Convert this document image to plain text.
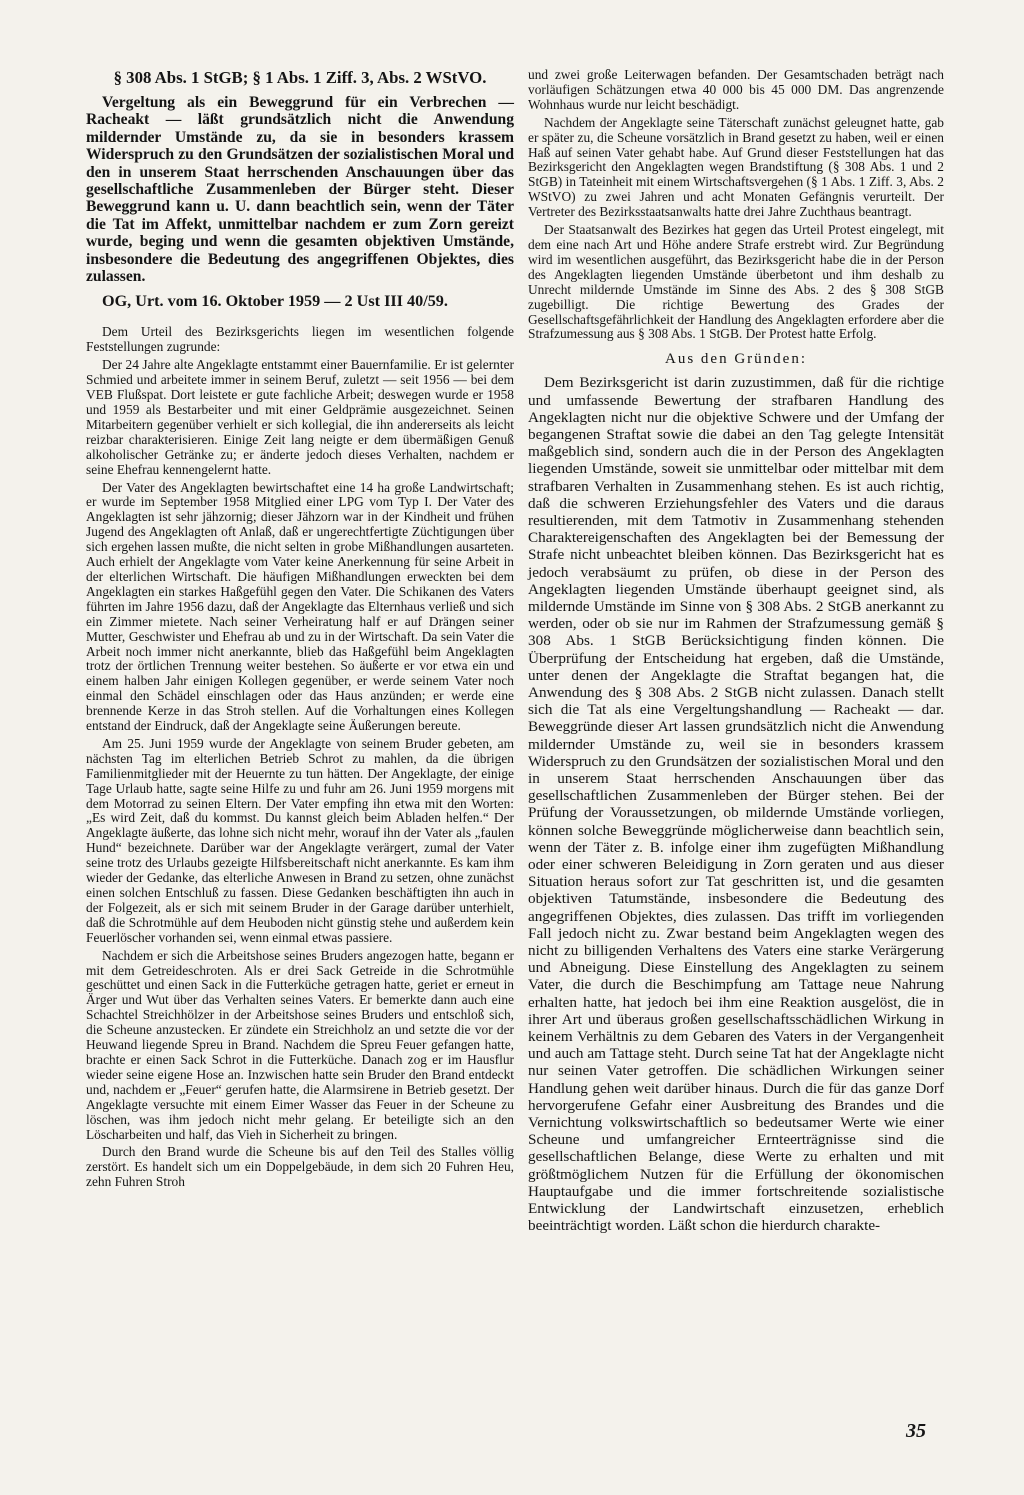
§ 308 Abs. 1 StGB; § 1 Abs. 1 Ziff. 3, Abs. 2 WStVO.

Vergeltung als ein Beweggrund für ein Verbrechen — Racheakt — läßt grundsätzlich nicht die Anwendung mildernder Umstände zu, da sie in besonders krassem Widerspruch zu den Grundsätzen der sozialistischen Moral und den in unserem Staat herrschenden Anschauungen über das gesellschaftliche Zusammenleben der Bürger steht. Dieser Beweggrund kann u. U. dann beachtlich sein, wenn der Täter die Tat im Affekt, unmittelbar nachdem er zum Zorn gereizt wurde, beging und wenn die gesamten objektiven Umstände, insbesondere die Bedeutung des angegriffenen Objektes, dies zulassen.

OG, Urt. vom 16. Oktober 1959 — 2 Ust III 40/59.

Dem Urteil des Bezirksgerichts liegen im wesentlichen folgende Feststellungen zugrunde:

Der 24 Jahre alte Angeklagte entstammt einer Bauernfamilie. Er ist gelernter Schmied und arbeitete immer in seinem Beruf, zuletzt — seit 1956 — bei dem VEB Flußspat. Dort leistete er gute fachliche Arbeit; deswegen wurde er 1958 und 1959 als Bestarbeiter und mit einer Geldprämie ausgezeichnet. Seinen Mitarbeitern gegenüber verhielt er sich kollegial, die ihn andererseits als leicht reizbar charakterisieren. Einige Zeit lang neigte er dem übermäßigen Genuß alkoholischer Getränke zu; er änderte jedoch dieses Verhalten, nachdem er seine Ehefrau kennengelernt hatte.

Der Vater des Angeklagten bewirtschaftet eine 14 ha große Landwirtschaft; er wurde im September 1958 Mitglied einer LPG vom Typ I. Der Vater des Angeklagten ist sehr jähzornig; dieser Jähzorn war in der Kindheit und frühen Jugend des Angeklagten oft Anlaß, daß er ungerechtfertigte Züchtigungen über sich ergehen lassen mußte, die nicht selten in grobe Mißhandlungen ausarteten. Auch erhielt der Angeklagte vom Vater keine Anerkennung für seine Arbeit in der elterlichen Wirtschaft. Die häufigen Mißhandlungen erweckten bei dem Angeklagten ein starkes Haßgefühl gegen den Vater. Die Schikanen des Vaters führten im Jahre 1956 dazu, daß der Angeklagte das Elternhaus verließ und sich ein Zimmer mietete. Nach seiner Verheiratung half er auf Drängen seiner Mutter, Geschwister und Ehefrau ab und zu in der Wirtschaft. Da sein Vater die Arbeit noch immer nicht anerkannte, blieb das Haßgefühl beim Angeklagten trotz der örtlichen Trennung weiter bestehen. So äußerte er vor etwa ein und einem halben Jahr einigen Kollegen gegenüber, er werde seinem Vater noch einmal den Schädel einschlagen oder das Haus anzünden; er werde eine brennende Kerze in das Stroh stellen. Auf die Vorhaltungen eines Kollegen entstand der Eindruck, daß der Angeklagte seine Äußerungen bereute.

Am 25. Juni 1959 wurde der Angeklagte von seinem Bruder gebeten, am nächsten Tag im elterlichen Betrieb Schrot zu mahlen, da die übrigen Familienmitglieder mit der Heuernte zu tun hätten. Der Angeklagte, der einige Tage Urlaub hatte, sagte seine Hilfe zu und fuhr am 26. Juni 1959 morgens mit dem Motorrad zu seinen Eltern. Der Vater empfing ihn etwa mit den Worten: „Es wird Zeit, daß du kommst. Du kannst gleich beim Abladen helfen.“ Der Angeklagte äußerte, das lohne sich nicht mehr, worauf ihn der Vater als „faulen Hund“ bezeichnete. Darüber war der Angeklagte verärgert, zumal der Vater seine trotz des Urlaubs gezeigte Hilfsbereitschaft nicht anerkannte. Es kam ihm wieder der Gedanke, das elterliche Anwesen in Brand zu setzen, ohne zunächst einen solchen Entschluß zu fassen. Diese Gedanken beschäftigten ihn auch in der Folgezeit, als er sich mit seinem Bruder in der Garage darüber unterhielt, daß die Schrotmühle auf dem Heuboden nicht günstig stehe und außerdem kein Feuerlöscher vorhanden sei, wenn einmal etwas passiere.

Nachdem er sich die Arbeitshose seines Bruders angezogen hatte, begann er mit dem Getreideschroten. Als er drei Sack Getreide in die Schrotmühle geschüttet und einen Sack in die Futterküche getragen hatte, geriet er erneut in Ärger und Wut über das Verhalten seines Vaters. Er bemerkte dann auch eine Schachtel Streichhölzer in der Arbeitshose seines Bruders und entschloß sich, die Scheune anzustecken. Er zündete ein Streichholz an und setzte die vor der Heuwand liegende Spreu in Brand. Nachdem die Spreu Feuer gefangen hatte, brachte er einen Sack Schrot in die Futterküche. Danach zog er im Hausflur wieder seine eigene Hose an. Inzwischen hatte sein Bruder den Brand entdeckt und, nachdem er „Feuer“ gerufen hatte, die Alarmsirene in Betrieb gesetzt. Der Angeklagte versuchte mit einem Eimer Wasser das Feuer in der Scheune zu löschen, was ihm jedoch nicht mehr gelang. Er beteiligte sich an den Löscharbeiten und half, das Vieh in Sicherheit zu bringen.

Durch den Brand wurde die Scheune bis auf den Teil des Stalles völlig zerstört. Es handelt sich um ein Doppelgebäude, in dem sich 20 Fuhren Heu, zehn Fuhren Stroh

und zwei große Leiterwagen befanden. Der Gesamtschaden beträgt nach vorläufigen Schätzungen etwa 40 000 bis 45 000 DM. Das angrenzende Wohnhaus wurde nur leicht beschädigt.

Nachdem der Angeklagte seine Täterschaft zunächst geleugnet hatte, gab er später zu, die Scheune vorsätzlich in Brand gesetzt zu haben, weil er einen Haß auf seinen Vater gehabt habe. Auf Grund dieser Feststellungen hat das Bezirksgericht den Angeklagten wegen Brandstiftung (§ 308 Abs. 1 und 2 StGB) in Tateinheit mit einem Wirtschaftsvergehen (§ 1 Abs. 1 Ziff. 3, Abs. 2 WStVO) zu zwei Jahren und acht Monaten Gefängnis verurteilt. Der Vertreter des Bezirksstaatsanwalts hatte drei Jahre Zuchthaus beantragt.

Der Staatsanwalt des Bezirkes hat gegen das Urteil Protest eingelegt, mit dem eine nach Art und Höhe andere Strafe erstrebt wird. Zur Begründung wird im wesentlichen ausgeführt, das Bezirksgericht habe die in der Person des Angeklagten liegenden Umstände überbetont und ihm deshalb zu Unrecht mildernde Umstände im Sinne des Abs. 2 des § 308 StGB zugebilligt. Die richtige Bewertung des Grades der Gesellschaftsgefährlichkeit der Handlung des Angeklagten erfordere aber die Strafzumessung aus § 308 Abs. 1 StGB. Der Protest hatte Erfolg.

Aus den Gründen:

Dem Bezirksgericht ist darin zuzustimmen, daß für die richtige und umfassende Bewertung der strafbaren Handlung des Angeklagten nicht nur die objektive Schwere und der Umfang der begangenen Straftat sowie die dabei an den Tag gelegte Intensität maßgeblich sind, sondern auch die in der Person des Angeklagten liegenden Umstände, soweit sie unmittelbar oder mittelbar mit dem strafbaren Verhalten in Zusammenhang stehen. Es ist auch richtig, daß die schweren Erziehungsfehler des Vaters und die daraus resultierenden, mit dem Tatmotiv in Zusammenhang stehenden Charaktereigenschaften des Angeklagten bei der Bemessung der Strafe nicht unbeachtet bleiben können. Das Bezirksgericht hat es jedoch verabsäumt zu prüfen, ob diese in der Person des Angeklagten liegenden Umstände überhaupt geeignet sind, als mildernde Umstände im Sinne von § 308 Abs. 2 StGB anerkannt zu werden, oder ob sie nur im Rahmen der Strafzumessung gemäß § 308 Abs. 1 StGB Berücksichtigung finden können. Die Überprüfung der Entscheidung hat ergeben, daß die Umstände, unter denen der Angeklagte die Straftat begangen hat, die Anwendung des § 308 Abs. 2 StGB nicht zulassen. Danach stellt sich die Tat als eine Vergeltungshandlung — Racheakt — dar. Beweggründe dieser Art lassen grundsätzlich nicht die Anwendung mildernder Umstände zu, weil sie in besonders krassem Widerspruch zu den Grundsätzen der sozialistischen Moral und den in unserem Staat herrschenden Anschauungen über das gesellschaftlichen Zusammenleben der Bürger stehen. Bei der Prüfung der Voraussetzungen, ob mildernde Umstände vorliegen, können solche Beweggründe möglicherweise dann beachtlich sein, wenn der Täter z. B. infolge einer ihm zugefügten Mißhandlung oder einer schweren Beleidigung in Zorn geraten und aus dieser Situation heraus sofort zur Tat geschritten ist, und die gesamten objektiven Tatumstände, insbesondere die Bedeutung des angegriffenen Objektes, dies zulassen. Das trifft im vorliegenden Fall jedoch nicht zu. Zwar bestand beim Angeklagten wegen des nicht zu billigenden Verhaltens des Vaters eine starke Verärgerung und Abneigung. Diese Einstellung des Angeklagten zu seinem Vater, die durch die Beschimpfung am Tattage neue Nahrung erhalten hatte, hat jedoch bei ihm eine Reaktion ausgelöst, die in ihrer Art und überaus großen gesellschaftsschädlichen Wirkung in keinem Verhältnis zu dem Gebaren des Vaters in der Vergangenheit und auch am Tattage steht. Durch seine Tat hat der Angeklagte nicht nur seinen Vater getroffen. Die schädlichen Wirkungen seiner Handlung gehen weit darüber hinaus. Durch die für das ganze Dorf hervorgerufene Gefahr einer Ausbreitung des Brandes und die Vernichtung volkswirtschaftlich so bedeutsamer Werte wie einer Scheune und umfangreicher Ernteerträgnisse sind die gesellschaftlichen Belange, diese Werte zu erhalten und mit größtmöglichem Nutzen für die Erfüllung der ökonomischen Hauptaufgabe und die immer fortschreitende sozialistische Entwicklung der Landwirtschaft einzusetzen, erheblich beeinträchtigt worden. Läßt schon die hierdurch charakte-

35
